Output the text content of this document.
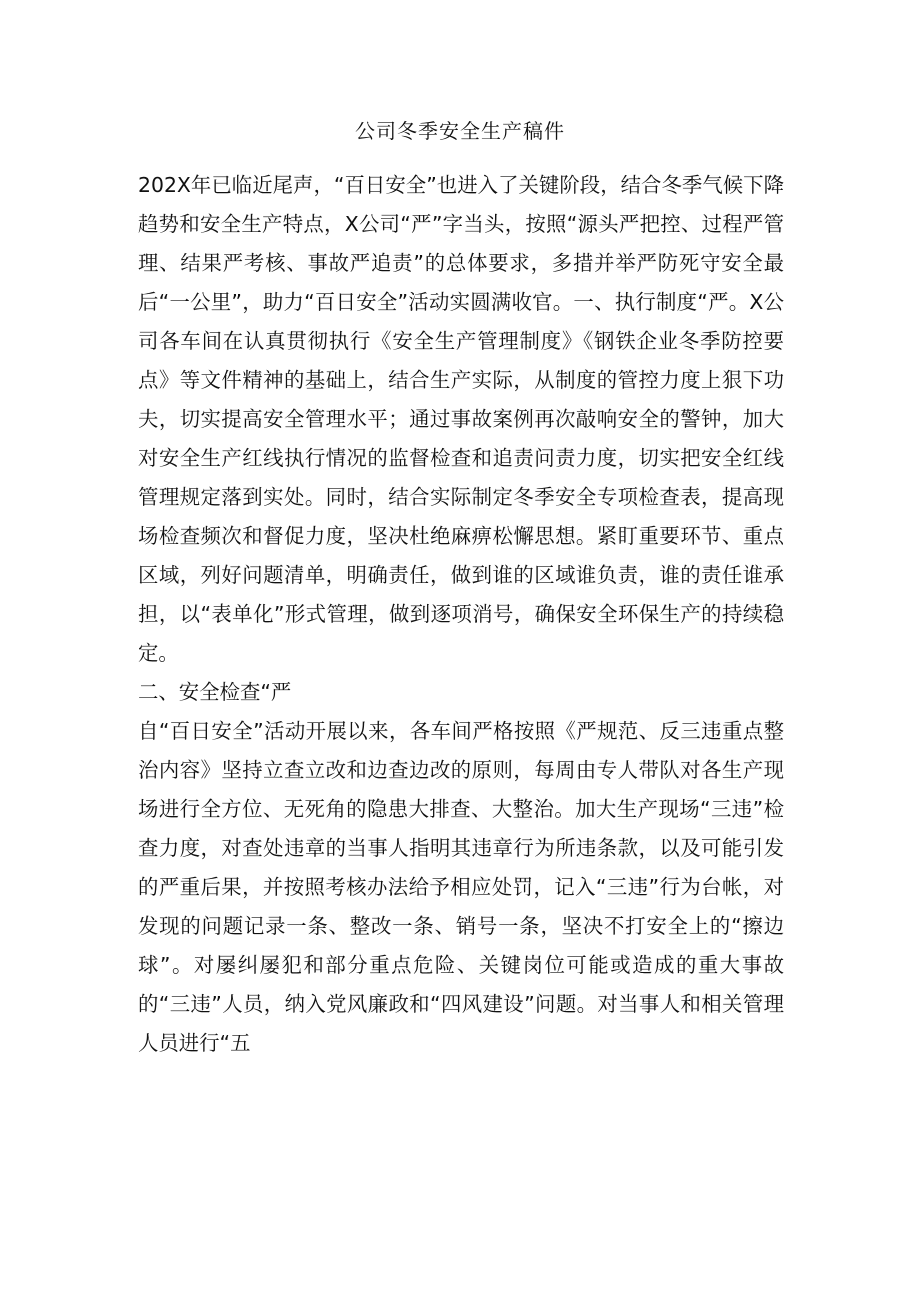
公司冬季安全生产稿件

202X年已临近尾声，“百日安全”也进入了关键阶段，结合冬季气候下降趋势和安全生产特点，X公司“严”字当头，按照“源头严把控、过程严管理、结果严考核、事故严追责”的总体要求，多措并举严防死守安全最后“一公里”，助力“百日安全”活动实圆满收官。一、执行制度“严。X公司各车间在认真贯彻执行《安全生产管理制度》《钢铁企业冬季防控要点》等文件精神的基础上，结合生产实际，从制度的管控力度上狠下功夫，切实提高安全管理水平；通过事故案例再次敲响安全的警钟，加大对安全生产红线执行情况的监督检查和追责问责力度，切实把安全红线管理规定落到实处。同时，结合实际制定冬季安全专项检查表，提高现场检查频次和督促力度，坚决杜绝麻痹松懈思想。紧盯重要环节、重点区域，列好问题清单，明确责任，做到谁的区域谁负责，谁的责任谁承担，以“表单化”形式管理，做到逐项消号，确保安全环保生产的持续稳定。

二、安全检查“严

自“百日安全”活动开展以来，各车间严格按照《严规范、反三违重点整治内容》坚持立查立改和边查边改的原则，每周由专人带队对各生产现场进行全方位、无死角的隐患大排查、大整治。加大生产现场“三违”检查力度，对查处违章的当事人指明其违章行为所违条款，以及可能引发的严重后果，并按照考核办法给予相应处罚，记入“三违”行为台帐，对发现的问题记录一条、整改一条、销号一条，坚决不打安全上的“擦边球”。对屡纠屡犯和部分重点危险、关键岗位可能或造成的重大事故的“三违”人员，纳入党风廉政和“四风建设”问题。对当事人和相关管理人员进行“五
